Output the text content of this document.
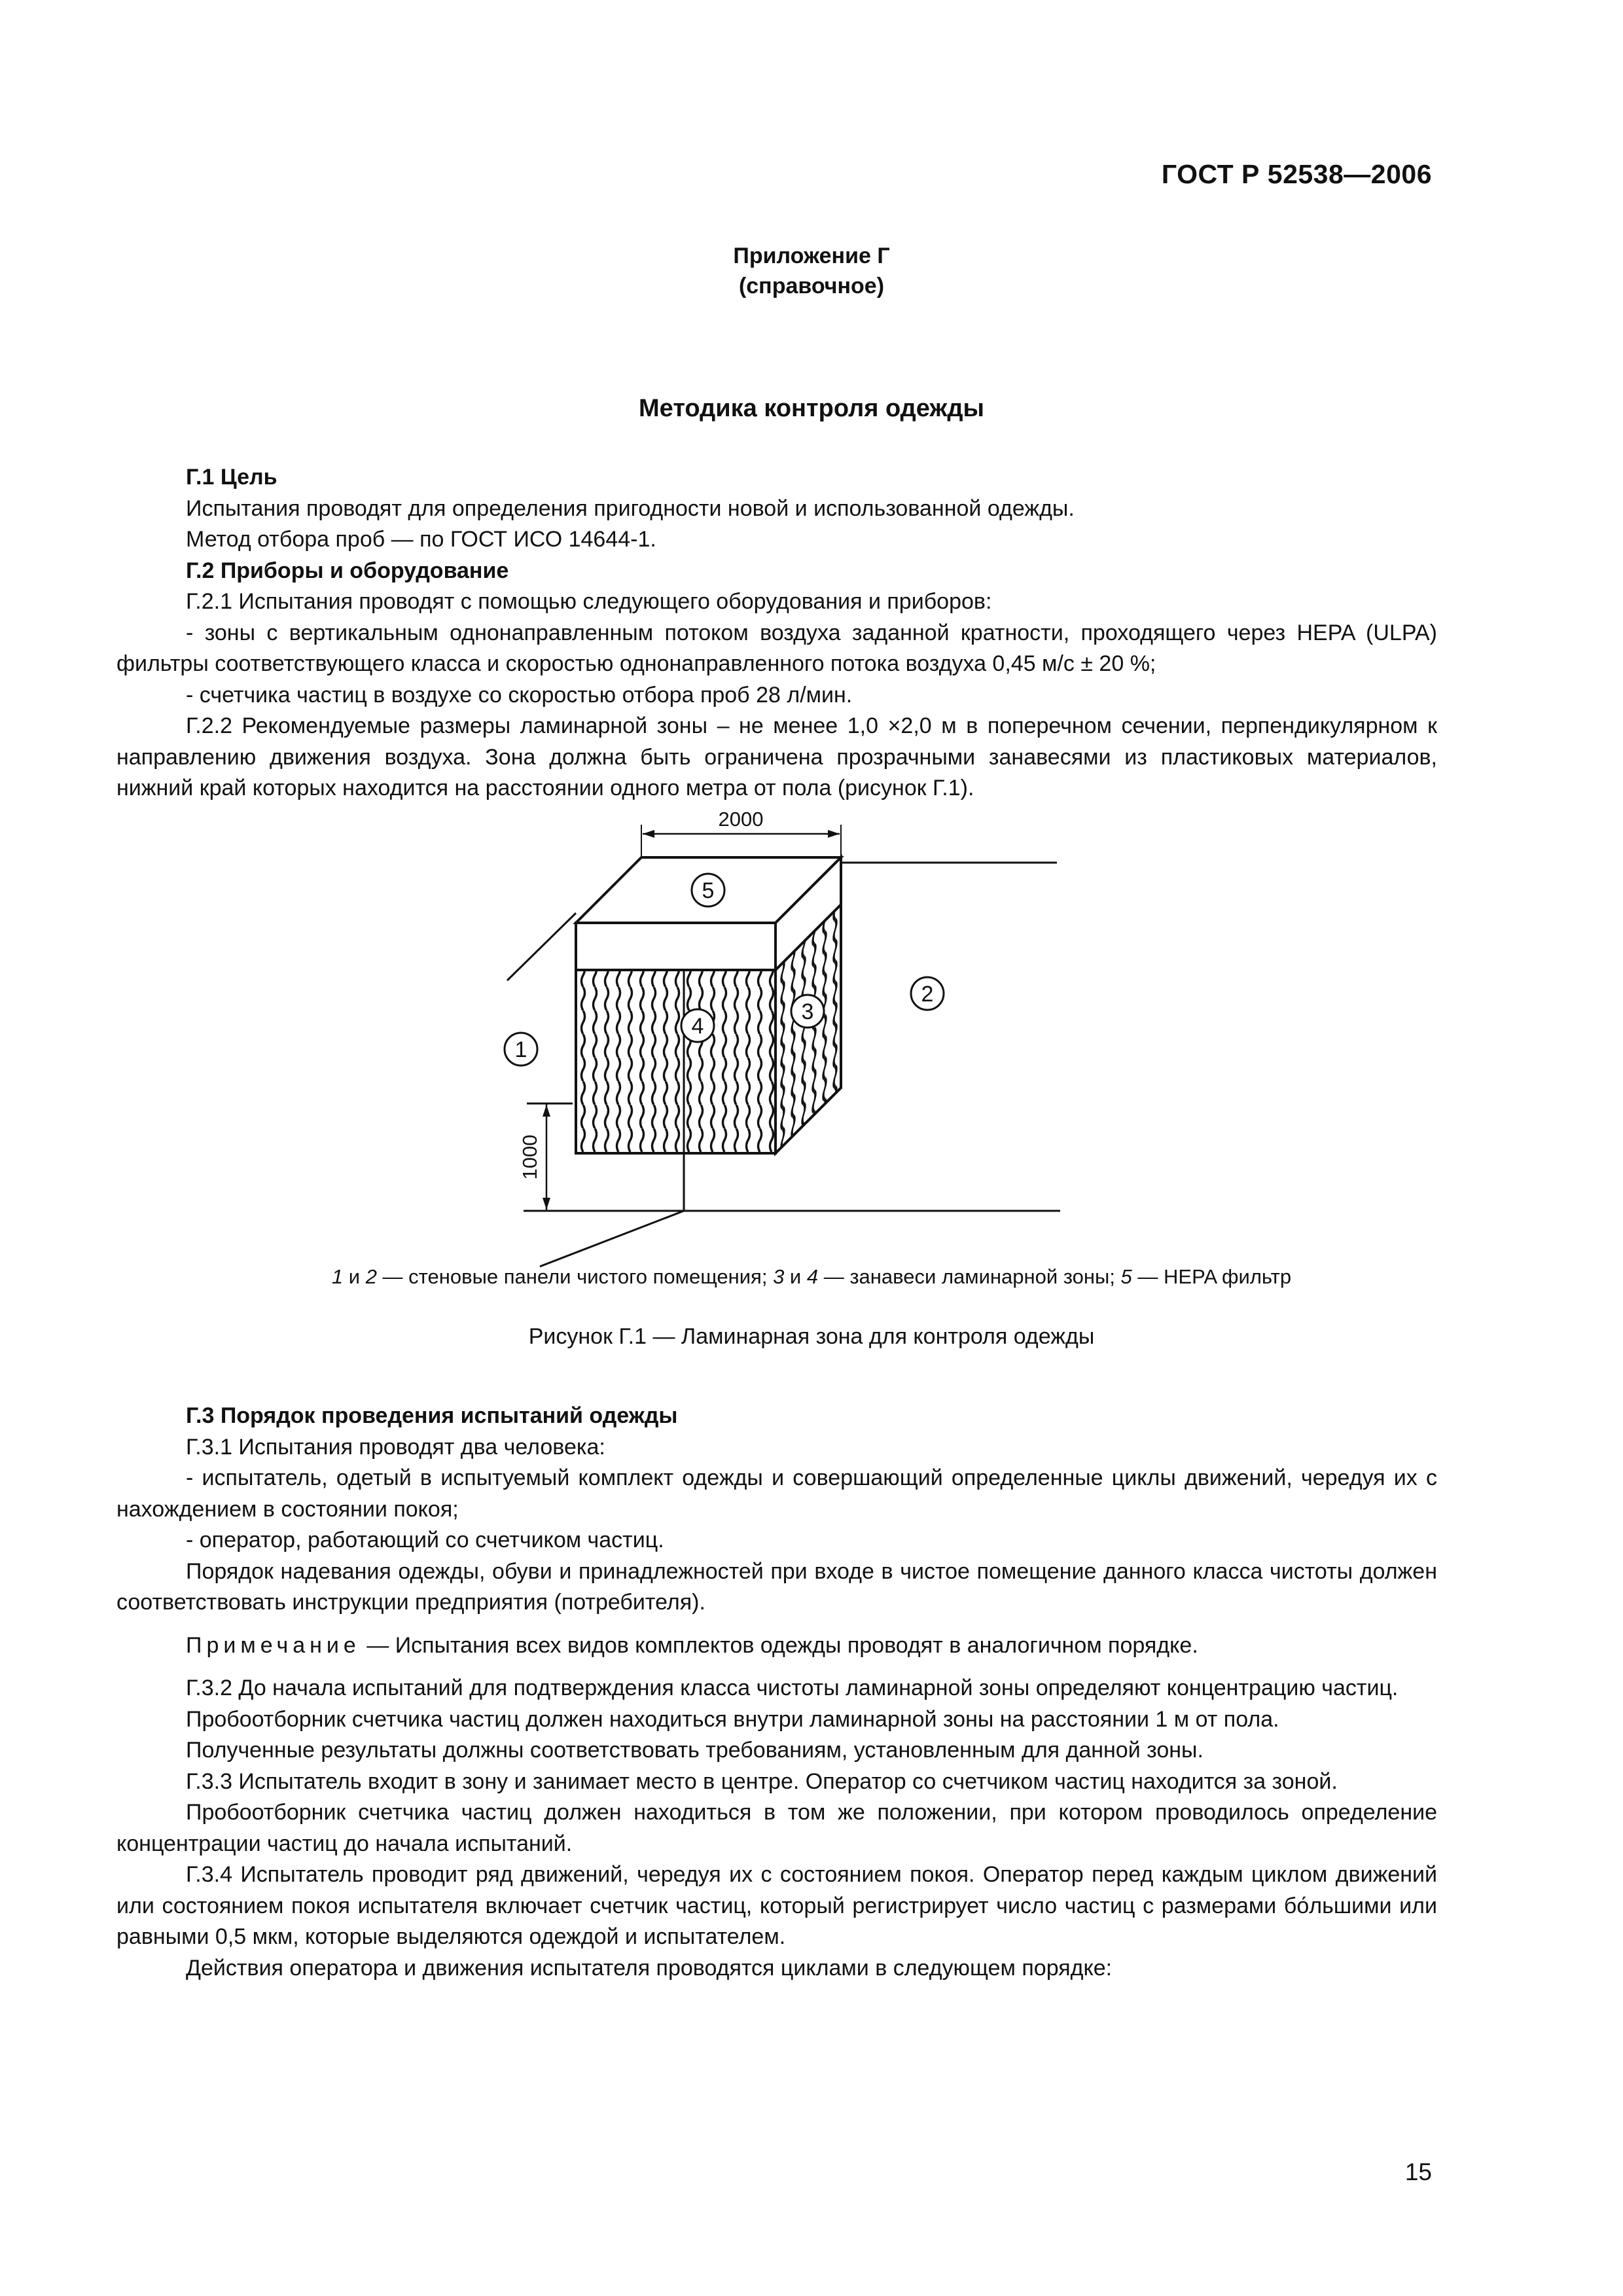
ГОСТ Р 52538—2006
Приложение Г
(справочное)
Методика контроля одежды

Г.1 Цель

Испытания проводят для определения пригодности новой и использованной одежды.

Метод отбора проб — по ГОСТ ИСО 14644-1.

Г.2 Приборы и оборудование

Г.2.1 Испытания проводят с помощью следующего оборудования и приборов:

- зоны с вертикальным однонаправленным потоком воздуха заданной кратности, проходящего через HEPA (ULPA) фильтры соответствующего класса и скоростью однонаправленного потока воздуха 0,45 м/с ± 20 %;

- счетчика частиц в воздухе со скоростью отбора проб 28 л/мин.

Г.2.2 Рекомендуемые размеры ламинарной зоны – не менее 1,0 ×2,0 м в поперечном сечении, перпендикулярном к направлению движения воздуха. Зона должна быть ограничена прозрачными занавесями из пластиковых материалов, нижний край которых находится на расстоянии одного метра от пола (рисунок Г.1).

2000
1000
1
2
3
4
5
1 и 2 — стеновые панели чистого помещения; 3 и 4 — занавеси ламинарной зоны; 5 — HEPA фильтр
Рисунок Г.1 — Ламинарная зона для контроля одежды

Г.3 Порядок проведения испытаний одежды

Г.3.1 Испытания проводят два человека:

- испытатель, одетый в испытуемый комплект одежды и совершающий определенные циклы движений, чередуя их с нахождением в состоянии покоя;

- оператор, работающий со счетчиком частиц.

Порядок надевания одежды, обуви и принадлежностей при входе в чистое помещение данного класса чистоты должен соответствовать инструкции предприятия (потребителя).

Примечание — Испытания всех видов комплектов одежды проводят в аналогичном порядке.

Г.3.2 До начала испытаний для подтверждения класса чистоты ламинарной зоны определяют концентрацию частиц.

Пробоотборник счетчика частиц должен находиться внутри ламинарной зоны на расстоянии 1 м от пола.

Полученные результаты должны соответствовать требованиям, установленным для данной зоны.

Г.3.3 Испытатель входит в зону и занимает место в центре. Оператор со счетчиком частиц находится за зоной.

Пробоотборник счетчика частиц должен находиться в том же положении, при котором проводилось определение концентрации частиц до начала испытаний.

Г.3.4 Испытатель проводит ряд движений, чередуя их с состоянием покоя. Оператор перед каждым циклом движений или состоянием покоя испытателя включает счетчик частиц, который регистрирует число частиц с размерами бо́льшими или равными 0,5 мкм, которые выделяются одеждой и испытателем.

Действия оператора и движения испытателя проводятся циклами в следующем порядке:

15
